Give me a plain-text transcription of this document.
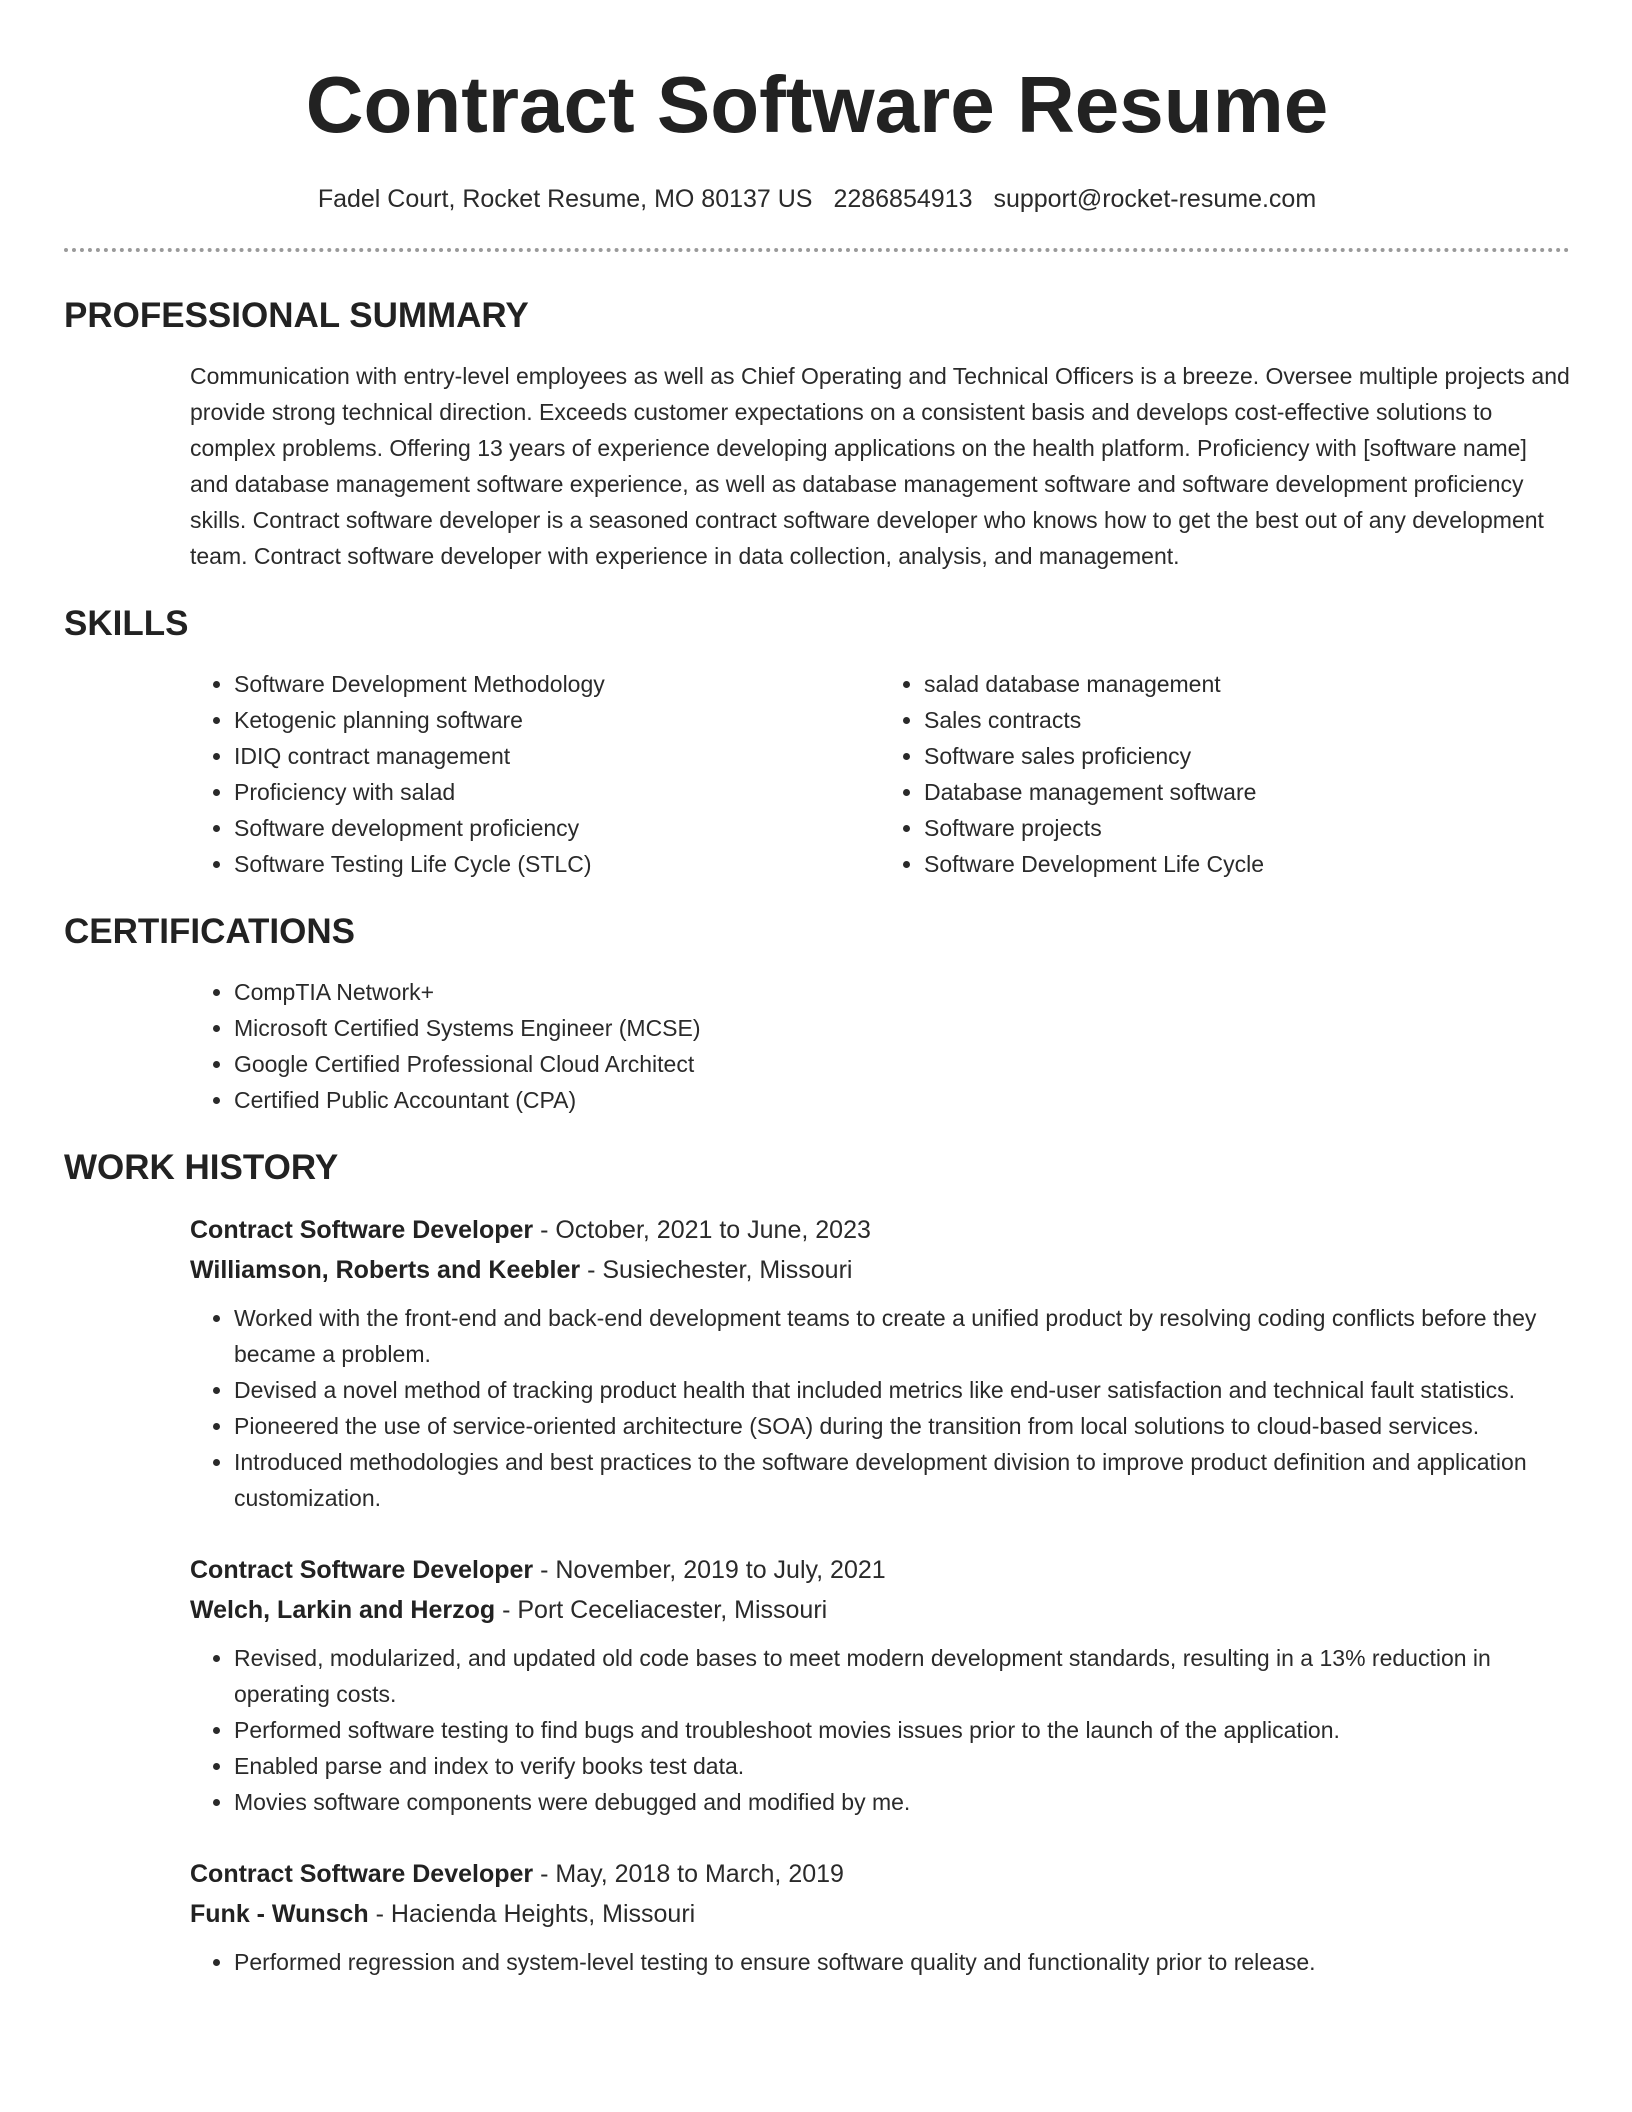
Contract Software Resume
Fadel Court, Rocket Resume, MO 80137 US 2286854913 support@rocket-resume.com
PROFESSIONAL SUMMARY

Communication with entry-level employees as well as Chief Operating and Technical Officers is a breeze. Oversee multiple projects and provide strong technical direction. Exceeds customer expectations on a consistent basis and develops cost-effective solutions to complex problems. Offering 13 years of experience developing applications on the health platform. Proficiency with [software name] and database management software experience, as well as database management software and software development proficiency skills. Contract software developer is a seasoned contract software developer who knows how to get the best out of any development team. Contract software developer with experience in data collection, analysis, and management.

SKILLS
• Software Development Methodology
• Ketogenic planning software
• IDIQ contract management
• Proficiency with salad
• Software development proficiency
• Software Testing Life Cycle (STLC)
• salad database management
• Sales contracts
• Software sales proficiency
• Database management software
• Software projects
• Software Development Life Cycle
CERTIFICATIONS
• CompTIA Network+
• Microsoft Certified Systems Engineer (MCSE)
• Google Certified Professional Cloud Architect
• Certified Public Accountant (CPA)
WORK HISTORY
Contract Software Developer - October, 2021 to June, 2023
Williamson, Roberts and Keebler - Susiechester, Missouri
• Worked with the front-end and back-end development teams to create a unified product by resolving coding conflicts before they became a problem.
• Devised a novel method of tracking product health that included metrics like end-user satisfaction and technical fault statistics.
• Pioneered the use of service-oriented architecture (SOA) during the transition from local solutions to cloud-based services.
• Introduced methodologies and best practices to the software development division to improve product definition and application customization.
Contract Software Developer - November, 2019 to July, 2021
Welch, Larkin and Herzog - Port Ceceliacester, Missouri
• Revised, modularized, and updated old code bases to meet modern development standards, resulting in a 13% reduction in operating costs.
• Performed software testing to find bugs and troubleshoot movies issues prior to the launch of the application.
• Enabled parse and index to verify books test data.
• Movies software components were debugged and modified by me.
Contract Software Developer - May, 2018 to March, 2019
Funk - Wunsch - Hacienda Heights, Missouri
• Performed regression and system-level testing to ensure software quality and functionality prior to release.
